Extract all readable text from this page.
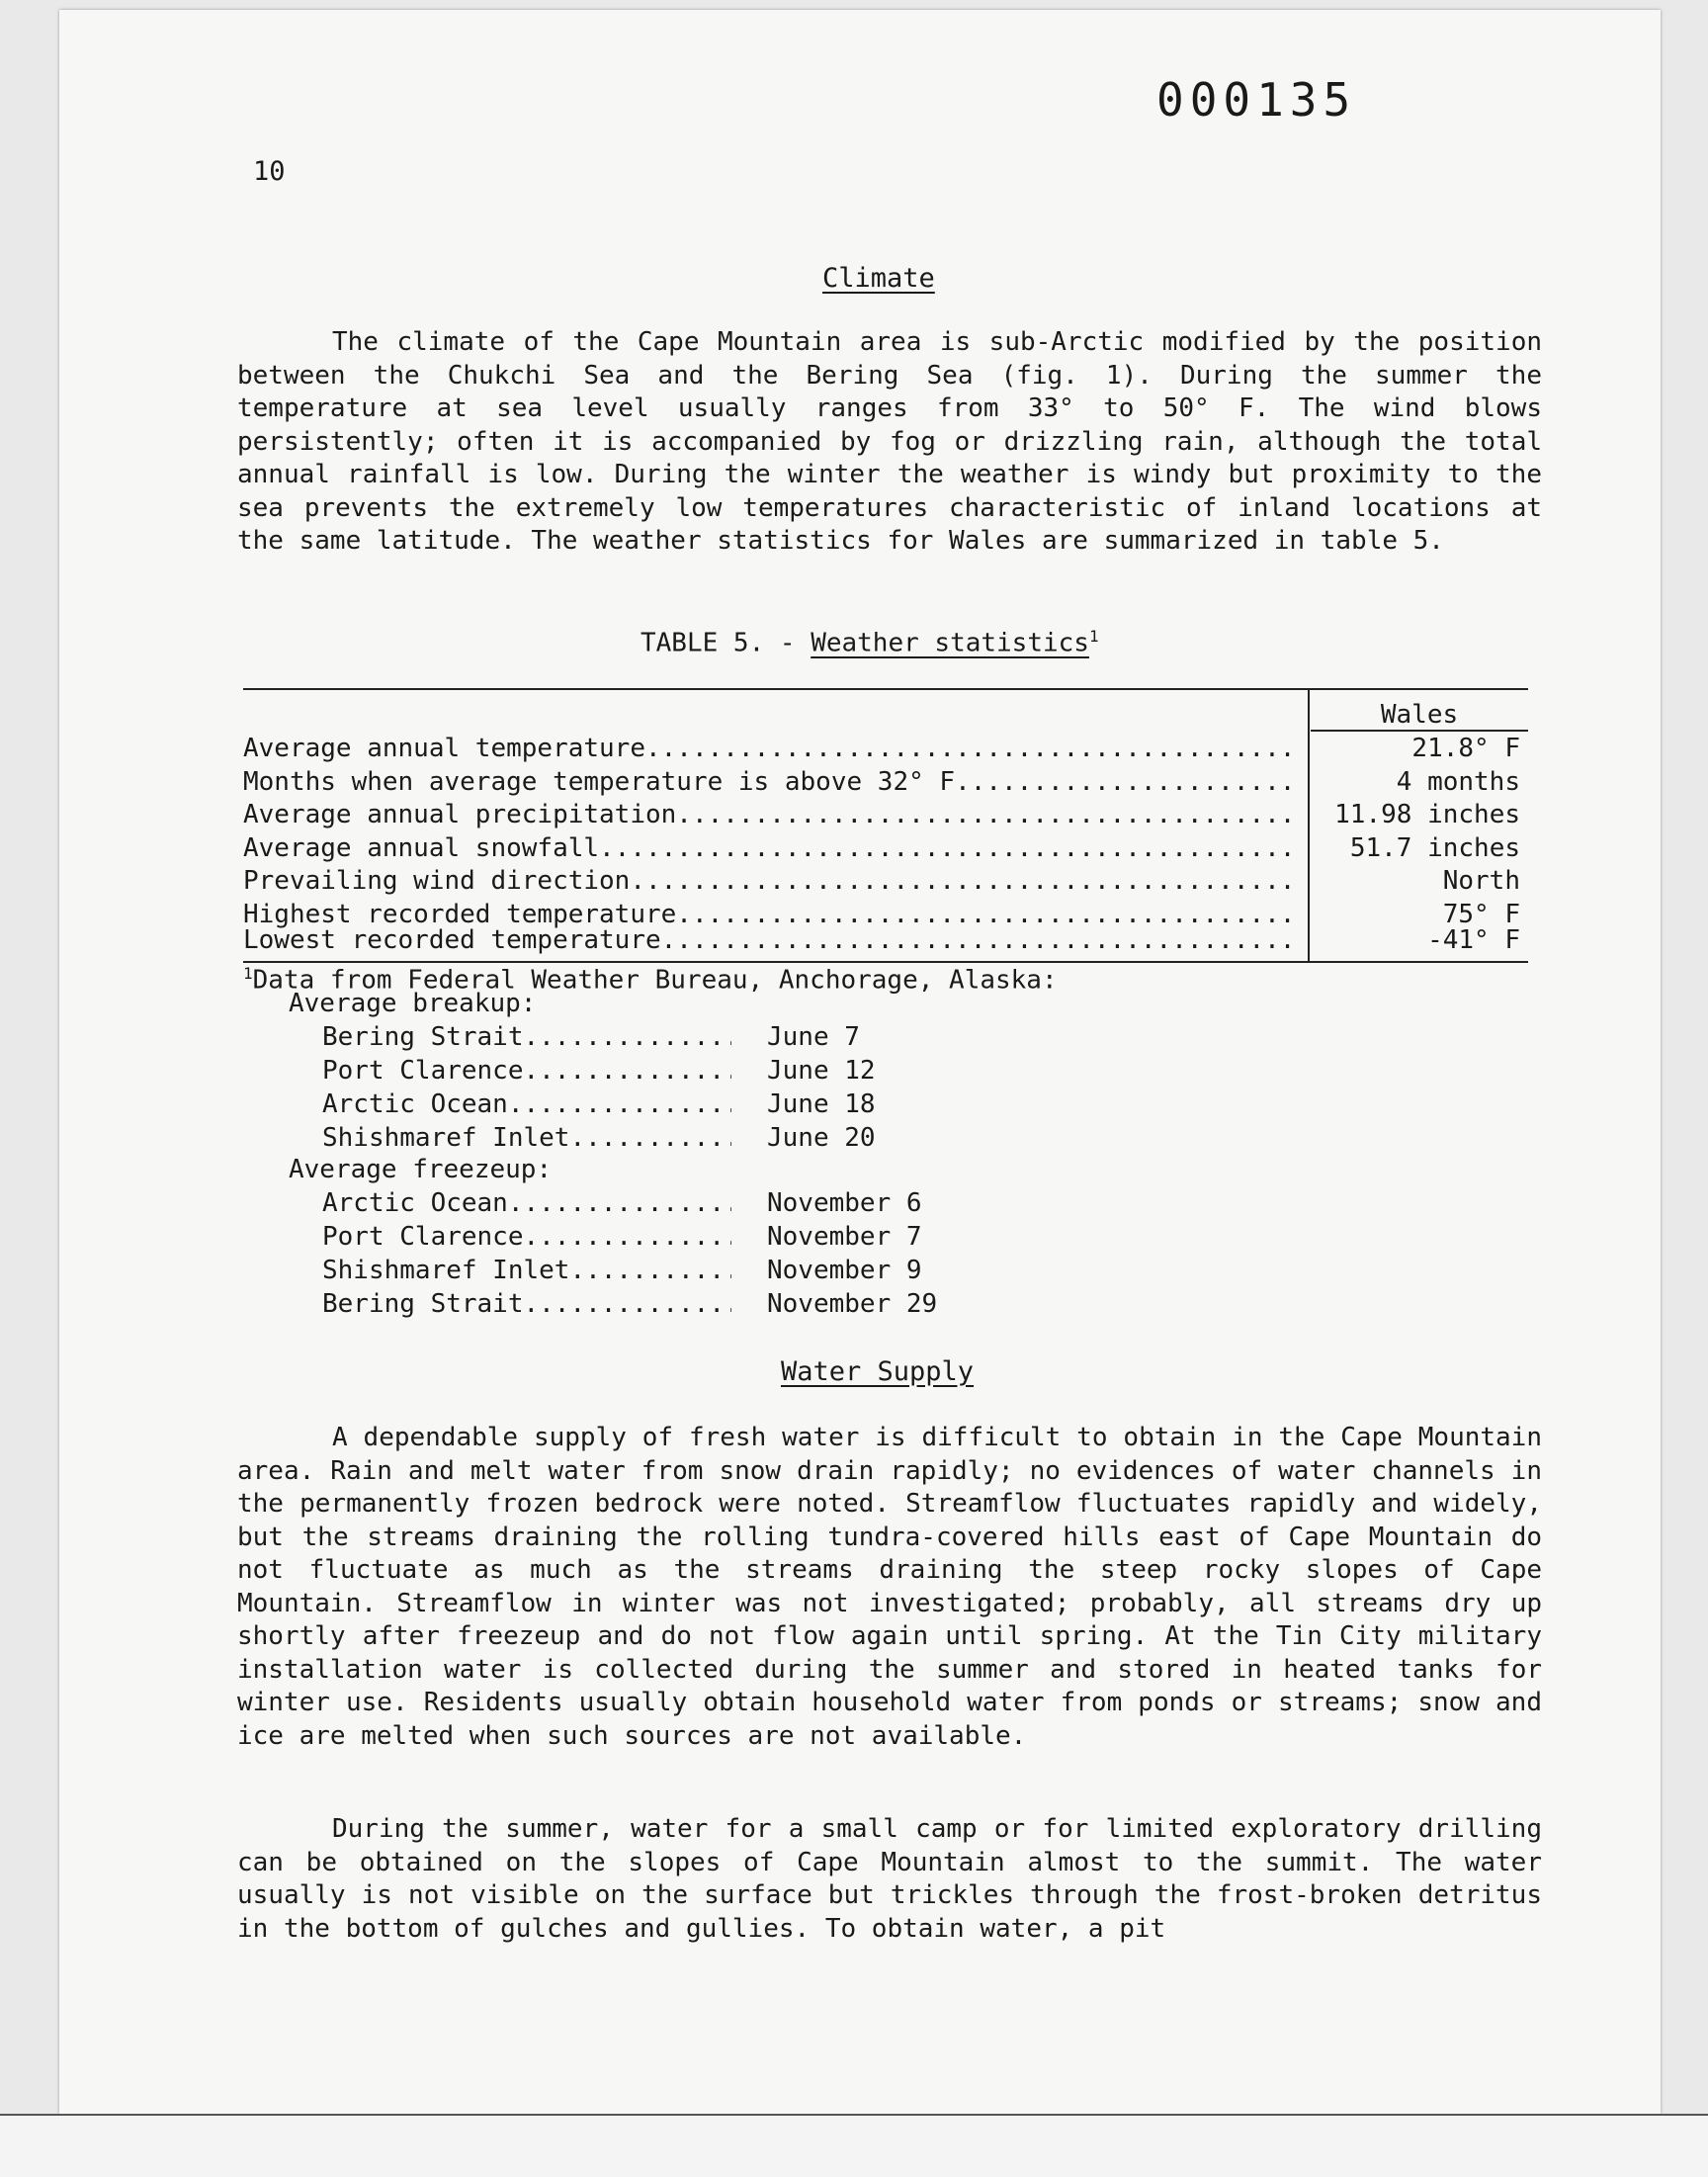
000135
10
Climate

The climate of the Cape Mountain area is sub-Arctic modified by the position between the Chukchi Sea and the Bering Sea (fig. 1). During the summer the temperature at sea level usually ranges from 33° to 50° F. The wind blows persistently; often it is accompanied by fog or drizzling rain, although the total annual rainfall is low. During the winter the weather is windy but proximity to the sea prevents the extremely low temperatures characteristic of inland locations at the same latitude. The weather statistics for Wales are summarized in table 5.

TABLE 5. - Weather statistics$^1$
Wales
Average annual temperature .....	21.8° F
Months when average temperature is above 32° F .....	4 months
Average annual precipitation .....	11.98 inches
Average annual snowfall .....	51.7 inches
Prevailing wind direction .....	North
Highest recorded temperature .....	75° F
Lowest recorded temperature .....	-41° F
$^1$Data from Federal Weather Bureau, Anchorage, Alaska:
Average breakup:
Bering Strait .....	June 7
Port Clarence .....	June 12
Arctic Ocean .....	June 18
Shishmaref Inlet .....	June 20
Average freezeup:
Arctic Ocean .....	November 6
Port Clarence .....	November 7
Shishmaref Inlet .....	November 9
Bering Strait .....	November 29
Water Supply

A dependable supply of fresh water is difficult to obtain in the Cape Mountain area. Rain and melt water from snow drain rapidly; no evidences of water channels in the permanently frozen bedrock were noted. Streamflow fluctuates rapidly and widely, but the streams draining the rolling tundra-covered hills east of Cape Mountain do not fluctuate as much as the streams draining the steep rocky slopes of Cape Mountain. Streamflow in winter was not investigated; probably, all streams dry up shortly after freezeup and do not flow again until spring. At the Tin City military installation water is collected during the summer and stored in heated tanks for winter use. Residents usually obtain household water from ponds or streams; snow and ice are melted when such sources are not available.

During the summer, water for a small camp or for limited exploratory drilling can be obtained on the slopes of Cape Mountain almost to the summit. The water usually is not visible on the surface but trickles through the frost-broken detritus in the bottom of gulches and gullies. To obtain water, a pit
